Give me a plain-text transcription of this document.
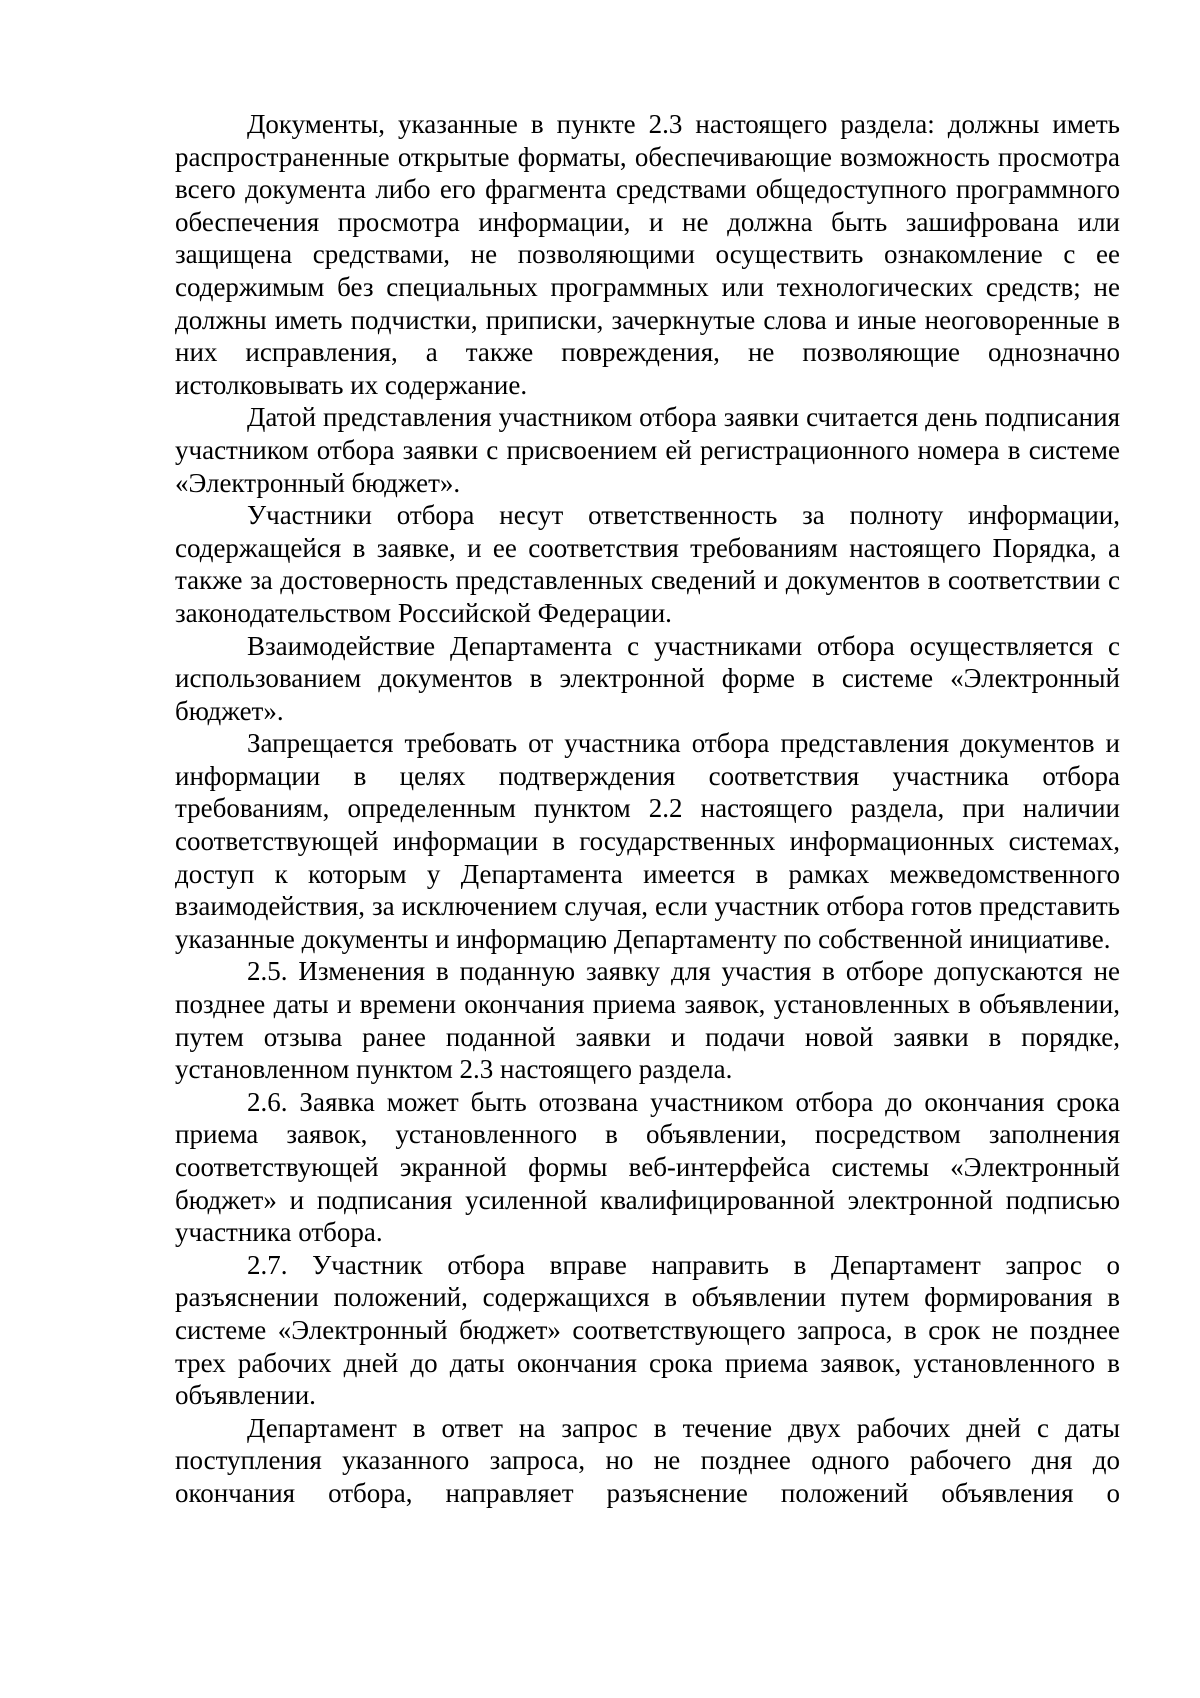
Документы, указанные в пункте 2.3 настоящего раздела: должны иметь распространенные открытые форматы, обеспечивающие возможность просмотра всего документа либо его фрагмента средствами общедоступного программного обеспечения просмотра информации, и не должна быть зашифрована или защищена средствами, не позволяющими осуществить ознакомление с ее содержимым без специальных программных или технологических средств; не должны иметь подчистки, приписки, зачеркнутые слова и иные неоговоренные в них исправления, а также повреждения, не позволяющие однозначно истолковывать их содержание.

Датой представления участником отбора заявки считается день подписания участником отбора заявки с присвоением ей регистрационного номера в системе «Электронный бюджет».

Участники отбора несут ответственность за полноту информации, содержащейся в заявке, и ее соответствия требованиям настоящего Порядка, а также за достоверность представленных сведений и документов в соответствии с законодательством Российской Федерации.

Взаимодействие Департамента с участниками отбора осуществляется с использованием документов в электронной форме в системе «Электронный бюджет».

Запрещается требовать от участника отбора представления документов и информации в целях подтверждения соответствия участника отбора требованиям, определенным пунктом 2.2 настоящего раздела, при наличии соответствующей информации в государственных информационных системах, доступ к которым у Департамента имеется в рамках межведомственного взаимодействия, за исключением случая, если участник отбора готов представить указанные документы и информацию Департаменту по собственной инициативе.

2.5. Изменения в поданную заявку для участия в отборе допускаются не позднее даты и времени окончания приема заявок, установленных в объявлении, путем отзыва ранее поданной заявки и подачи новой заявки в порядке, установленном пунктом 2.3 настоящего раздела.

2.6. Заявка может быть отозвана участником отбора до окончания срока приема заявок, установленного в объявлении, посредством заполнения соответствующей экранной формы веб-интерфейса системы «Электронный бюджет» и подписания усиленной квалифицированной электронной подписью участника отбора.

2.7. Участник отбора вправе направить в Департамент запрос о разъяснении положений, содержащихся в объявлении путем формирования в системе «Электронный бюджет» соответствующего запроса, в срок не позднее трех рабочих дней до даты окончания срока приема заявок, установленного в объявлении.

Департамент в ответ на запрос в течение двух рабочих дней с даты поступления указанного запроса, но не позднее одного рабочего дня до окончания отбора, направляет разъяснение положений объявления о
